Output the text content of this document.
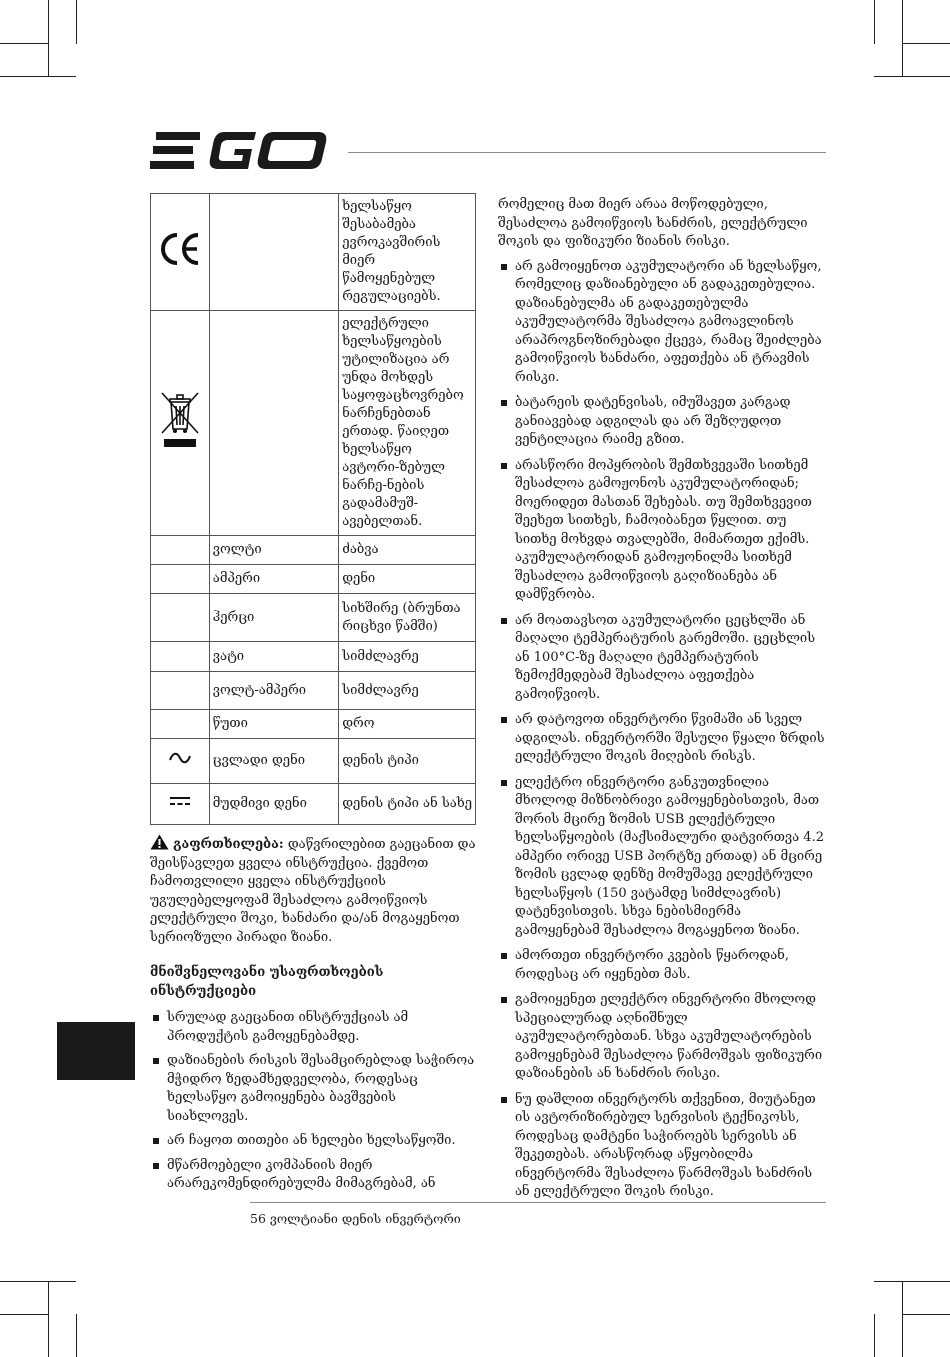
		ხელსაწყო შესაბამება ევროკავშირის მიერ წამოყენებულ რეგულაციებს.
		ელექტრული ხელსაწყოების უტილიზაცია არ უნდა მოხდეს საყოფაცხოვრებო ნარჩენებთან ერთად. წაიღეთ ხელსაწყო ავტორი-ზებულ ნარჩე-ნების გადამამუშ-ავებელთან.
	ვოლტი	ძაბვა
	ამპერი	დენი
	ჰერცი	სიხშირე (ბრუნთა რიცხვი წამში)
	ვატი	სიმძლავრე
	ვოლტ-ამპერი	სიმძლავრე
	წუთი	დრო
	ცვლადი დენი	დენის ტიპი
	მუდმივი დენი	დენის ტიპი ან სახე

გაფრთხილება: დაწვრილებით გაეცანით და შეისწავლეთ ყველა ინსტრუქცია. ქვემოთ ჩამოთვლილი ყველა ინსტრუქციის უგულებელყოფამ შესაძლოა გამოიწვიოს ელექტრული შოკი, ხანძარი და/ან მოგაყენოთ სერიოზული პირადი ზიანი.

მნიშვნელოვანი უსაფრთხოების ინსტრუქციები
სრულად გაეცანით ინსტრუქციას ამ პროდუქტის გამოყენებამდე.
დაზიანების რისკის შესამცირებლად საჭიროა მჭიდრო ზედამხედველობა, როდესაც ხელსაწყო გამოიყენება ბავშვების სიახლოვეს.
არ ჩაყოთ თითები ან ხელები ხელსაწყოში.
მწარმოებელი კომპანიის მიერ არარეკომენდირებულმა მიმაგრებამ, ან

რომელიც მათ მიერ არაა მოწოდებული, შესაძლოა გამოიწვიოს ხანძრის, ელექტრული შოკის და ფიზიკური ზიანის რისკი.

არ გამოიყენოთ აკუმულატორი ან ხელსაწყო, რომელიც დაზიანებული ან გადაკეთებულია. დაზიანებულმა ან გადაკეთებულმა აკუმულატორმა შესაძლოა გამოავლინოს არაპროგნოზირებადი ქცევა, რამაც შეიძლება გამოიწვიოს ხანძარი, აფეთქება ან ტრავმის რისკი.
ბატარეის დატენვისას, იმუშავეთ კარგად განიავებად ადგილას და არ შეზღუდოთ ვენტილაცია რაიმე გზით.
არასწორი მოპყრობის შემთხვევაში სითხემ შესაძლოა გამოჟონოს აკუმულატორიდან; მოერიდეთ მასთან შეხებას. თუ შემთხვევით შეეხეთ სითხეს, ჩამოიბანეთ წყლით. თუ სითხე მოხვდა თვალებში, მიმართეთ ექიმს. აკუმულატორიდან გამოჟონილმა სითხემ შესაძლოა გამოიწვიოს გაღიზიანება ან დამწვრობა.
არ მოათავსოთ აკუმულატორი ცეცხლში ან მაღალი ტემპერატურის გარემოში. ცეცხლის ან 100°C-ზე მაღალი ტემპერატურის ზემოქმედებამ შესაძლოა აფეთქება გამოიწვიოს.
არ დატოვოთ ინვერტორი წვიმაში ან სველ ადგილას. ინვერტორში შესული წყალი ზრდის ელექტრული შოკის მიღების რისკს.
ელექტრო ინვერტორი განკუთვნილია მხოლოდ მიზნობრივი გამოყენებისთვის, მათ შორის მცირე ზომის USB ელექტრული ხელსაწყოების (მაქსიმალური დატვირთვა 4.2 ამპერი ორივე USB პორტზე ერთად) ან მცირე ზომის ცვლად დენზე მომუშავე ელექტრული ხელსაწყოს (150 ვატამდე სიმძლავრის) დატენვისთვის. სხვა ნებისმიერმა გამოყენებამ შესაძლოა მოგაყენოთ ზიანი.
ამორთეთ ინვერტორი კვების წყაროდან, როდესაც არ იყენებთ მას.
გამოიყენეთ ელექტრო ინვერტორი მხოლოდ სპეციალურად აღნიშნულ აკუმულატორებთან. სხვა აკუმულატორების გამოყენებამ შესაძლოა წარმოშვას ფიზიკური დაზიანების ან ხანძრის რისკი.
ნუ დაშლით ინვერტორს თქვენით, მიუტანეთ ის ავტორიზირებულ სერვისის ტექნიკოსს, როდესაც დამტენი საჭიროებს სერვისს ან შეკეთებას. არასწორად აწყობილმა ინვერტორმა შესაძლოა წარმოშვას ხანძრის ან ელექტრული შოკის რისკი.
56 ვოლტიანი დენის ინვერტორი
